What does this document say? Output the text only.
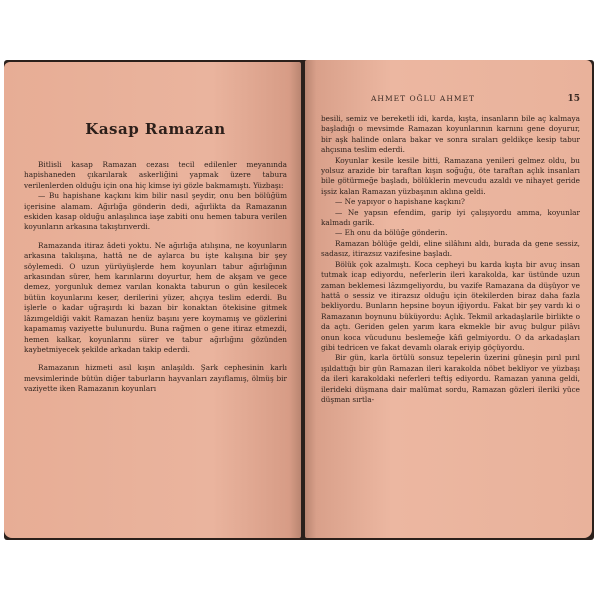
Kasap Ramazan

Bitlisli kasap Ramazan cezası tecil edilenler meyanında hapishaneden çıkarılarak askerliğini yapmak üzere tabura verilenlerden olduğu için ona hiç kimse iyi gözle bakmamıştı. Yüzbaşı:

— Bu hapishane kaçkını kim bilir nasıl şeydir, onu ben bölüğüm içerisine alamam. Ağırlığa gönderin dedi, ağırlikta da Ramazanın eskiden kasap olduğu anlaşılınca iaşe zabiti onu hemen tabura verilen koyunların arkasına takıştırıverdi.

Ramazanda itiraz âdeti yoktu. Ne ağırlığa atılışına, ne koyunların arkasına takılışına, hattâ ne de aylarca bu işte kalışına bir şey söylemedi. O uzun yürüyüşlerde hem koyunları tabur ağırlığının arkasından sürer, hem karınlarını doyurtur, hem de akşam ve gece demez, yorgunluk demez varılan konakta taburun o gün kesilecek bütün koyunlarını keser, derilerini yüzer, ahçıya teslim ederdi. Bu işlerle o kadar uğraşırdı ki bazan bir konaktan ötekisine gitmek lâzımgeldiği vakit Ramazan henüz başını yere koymamış ve gözlerini kapamamış vaziyette bulunurdu. Buna rağmen o gene itiraz etmezdi, hemen kalkar, koyunlarını sürer ve tabur ağırlığını gözünden kaybetmiyecek şekilde arkadan takip ederdi.

Ramazanın hizmeti asıl kışın anlaşıldı. Şark cephesinin karlı mevsimlerinde bütün diğer taburların hayvanları zayıflamış, ölmüş bir vaziyette iken Ramazanın koyunları

AHMET OĞLU AHMET	15

besili, semiz ve bereketli idi, karda, kışta, insanların bile aç kalmaya başladığı o mevsimde Ramazan koyunlarının karnını gene doyurur, bir aşk halinde onlara bakar ve sonra sıraları geldikçe kesip tabur ahçısına teslim ederdi.

Koyunlar kesile kesile bitti, Ramazana yenileri gelmez oldu, bu yolsuz arazide bir taraftan kışın soğuğu, öte taraftan açlık insanları bile götürmeğe başladı, bölüklerin mevcudu azaldı ve nihayet geride işsiz kalan Ramazan yüzbaşının aklına geldi.

— Ne yapıyor o hapishane kaçkını?

— Ne yapsın efendim, garip iyi çalışıyordu amma, koyunlar kalmadı garik.

— Eh onu da bölüğe gönderin.

Ramazan bölüğe geldi, eline silâhını aldı, burada da gene sessiz, sadasız, itirazsız vazifesine başladı.

Bölük çok azalmıştı. Koca cepheyi bu karda kışta bir avuç insan tutmak icap ediyordu, neferlerin ileri karakolda, kar üstünde uzun zaman beklemesi lâzımgeliyordu, bu vazife Ramazana da düşüyor ve hattâ o sessiz ve itirazsız olduğu için ötekilerden biraz daha fazla bekliyordu. Bunların hepsine boyun iğiyordu. Fakat bir şey vardı ki o Ramazanın boynunu büküyordu: Açlık. Tekmil arkadaşlarile birlikte o da açtı. Geriden gelen yarım kara ekmekle bir avuç bulgur pilâvı onun koca vücudunu beslemeğe kâfi gelmiyordu. O da arkadaşları gibi tedricen ve fakat devamlı olarak eriyip göçüyordu.

Bir gün, karla örtülü sonsuz tepelerin üzerini güneşin pırıl pırıl ışıldattığı bir gün Ramazan ileri karakolda nöbet bekliyor ve yüzbaşı da ileri karakoldaki neferleri teftiş ediyordu. Ramazan yanına geldi, ilerideki düşmana dair malûmat sordu, Ramazan gözleri ileriki yüce düşman sırtla-
